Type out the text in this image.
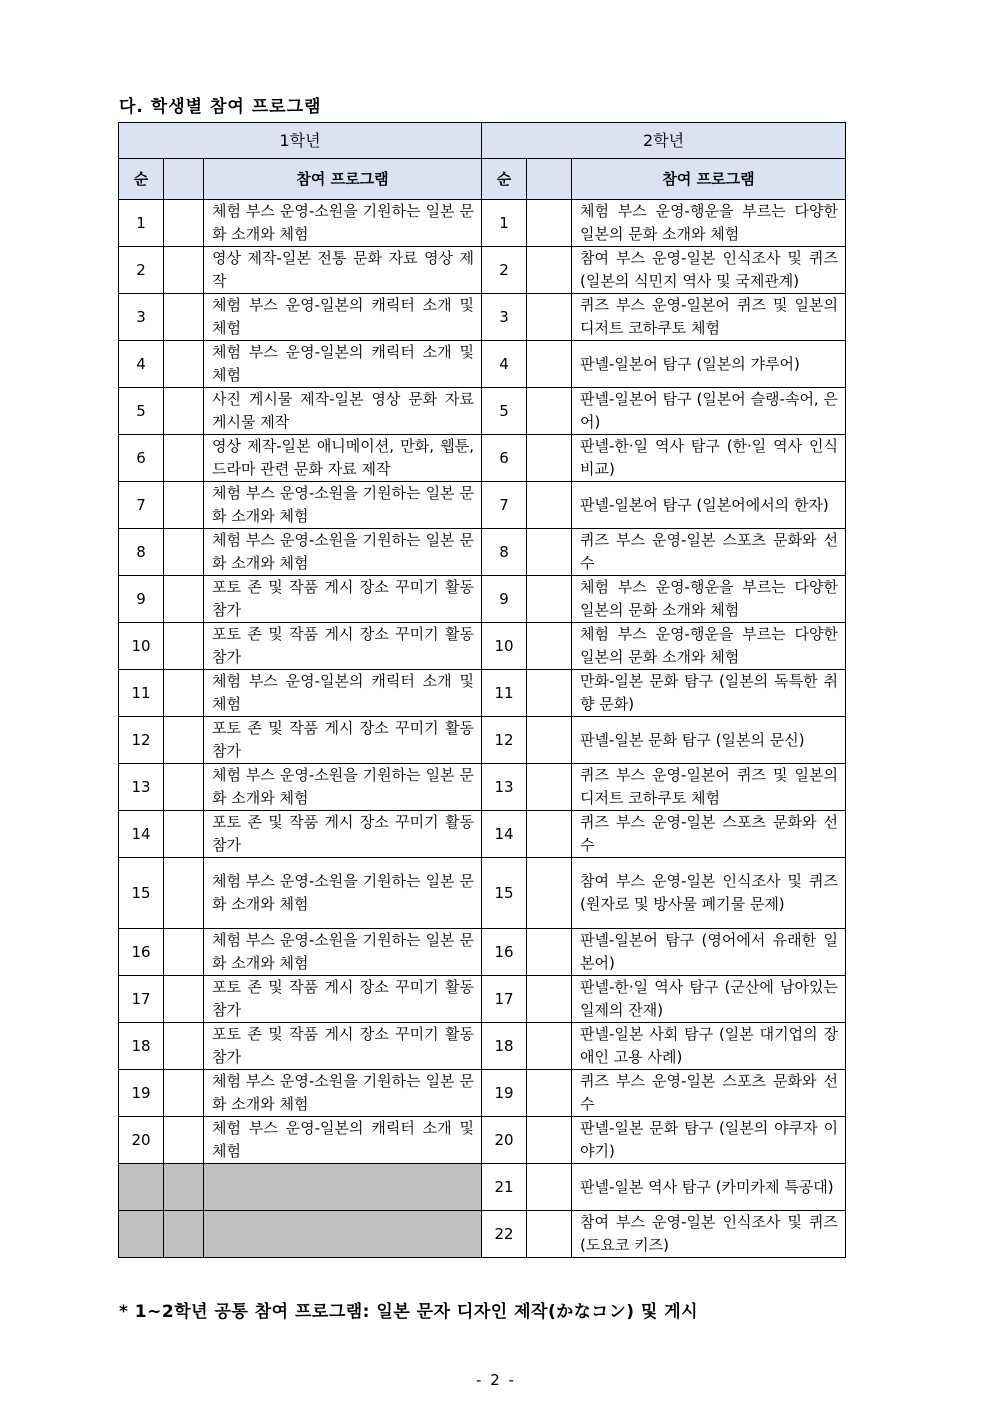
다. 학생별 참여 프로그램
1학년			2학년		
순		참여 프로그램	순		참여 프로그램
1		체험 부스 운영-소원을 기원하는 일본 문화 소개와 체험	1		체험 부스 운영-행운을 부르는 다양한 일본의 문화 소개와 체험
2		영상 제작-일본 전통 문화 자료 영상 제작	2		참여 부스 운영-일본 인식조사 및 퀴즈(일본의 식민지 역사 및 국제관계)
3		체험 부스 운영-일본의 캐릭터 소개 및 체험	3		퀴즈 부스 운영-일본어 퀴즈 및 일본의 디저트 코하쿠토 체험
4		체험 부스 운영-일본의 캐릭터 소개 및 체험	4		판넬-일본어 탐구 (일본의 갸루어)
5		사진 게시물 제작-일본 영상 문화 자료 게시물 제작	5		판넬-일본어 탐구 (일본어 슬랭-속어, 은어)
6		영상 제작-일본 애니메이션, 만화, 웹툰, 드라마 관련 문화 자료 제작	6		판넬-한·일 역사 탐구 (한·일 역사 인식 비교)
7		체험 부스 운영-소원을 기원하는 일본 문화 소개와 체험	7		판넬-일본어 탐구 (일본어에서의 한자)
8		체험 부스 운영-소원을 기원하는 일본 문화 소개와 체험	8		퀴즈 부스 운영-일본 스포츠 문화와 선수
9		포토 존 및 작품 게시 장소 꾸미기 활동 참가	9		체험 부스 운영-행운을 부르는 다양한 일본의 문화 소개와 체험
10		포토 존 및 작품 게시 장소 꾸미기 활동 참가	10		체험 부스 운영-행운을 부르는 다양한 일본의 문화 소개와 체험
11		체험 부스 운영-일본의 캐릭터 소개 및 체험	11		만화-일본 문화 탐구 (일본의 독특한 취향 문화)
12		포토 존 및 작품 게시 장소 꾸미기 활동 참가	12		판넬-일본 문화 탐구 (일본의 문신)
13		체험 부스 운영-소원을 기원하는 일본 문화 소개와 체험	13		퀴즈 부스 운영-일본어 퀴즈 및 일본의 디저트 코하쿠토 체험
14		포토 존 및 작품 게시 장소 꾸미기 활동 참가	14		퀴즈 부스 운영-일본 스포츠 문화와 선수
15		체험 부스 운영-소원을 기원하는 일본 문화 소개와 체험	15		참여 부스 운영-일본 인식조사 및 퀴즈 (원자로 및 방사물 폐기물 문제)
16		체험 부스 운영-소원을 기원하는 일본 문화 소개와 체험	16		판넬-일본어 탐구 (영어에서 유래한 일본어)
17		포토 존 및 작품 게시 장소 꾸미기 활동 참가	17		판넬-한·일 역사 탐구 (군산에 남아있는 일제의 잔재)
18		포토 존 및 작품 게시 장소 꾸미기 활동 참가	18		판넬-일본 사회 탐구 (일본 대기업의 장애인 고용 사례)
19		체험 부스 운영-소원을 기원하는 일본 문화 소개와 체험	19		퀴즈 부스 운영-일본 스포츠 문화와 선수
20		체험 부스 운영-일본의 캐릭터 소개 및 체험	20		판넬-일본 문화 탐구 (일본의 야쿠자 이야기)
			21		판넬-일본 역사 탐구 (카미카제 특공대)
			22		참여 부스 운영-일본 인식조사 및 퀴즈 (도요코 키즈)
* 1~2학년 공통 참여 프로그램: 일본 문자 디자인 제작(かなコン) 및 게시
- 2 -
